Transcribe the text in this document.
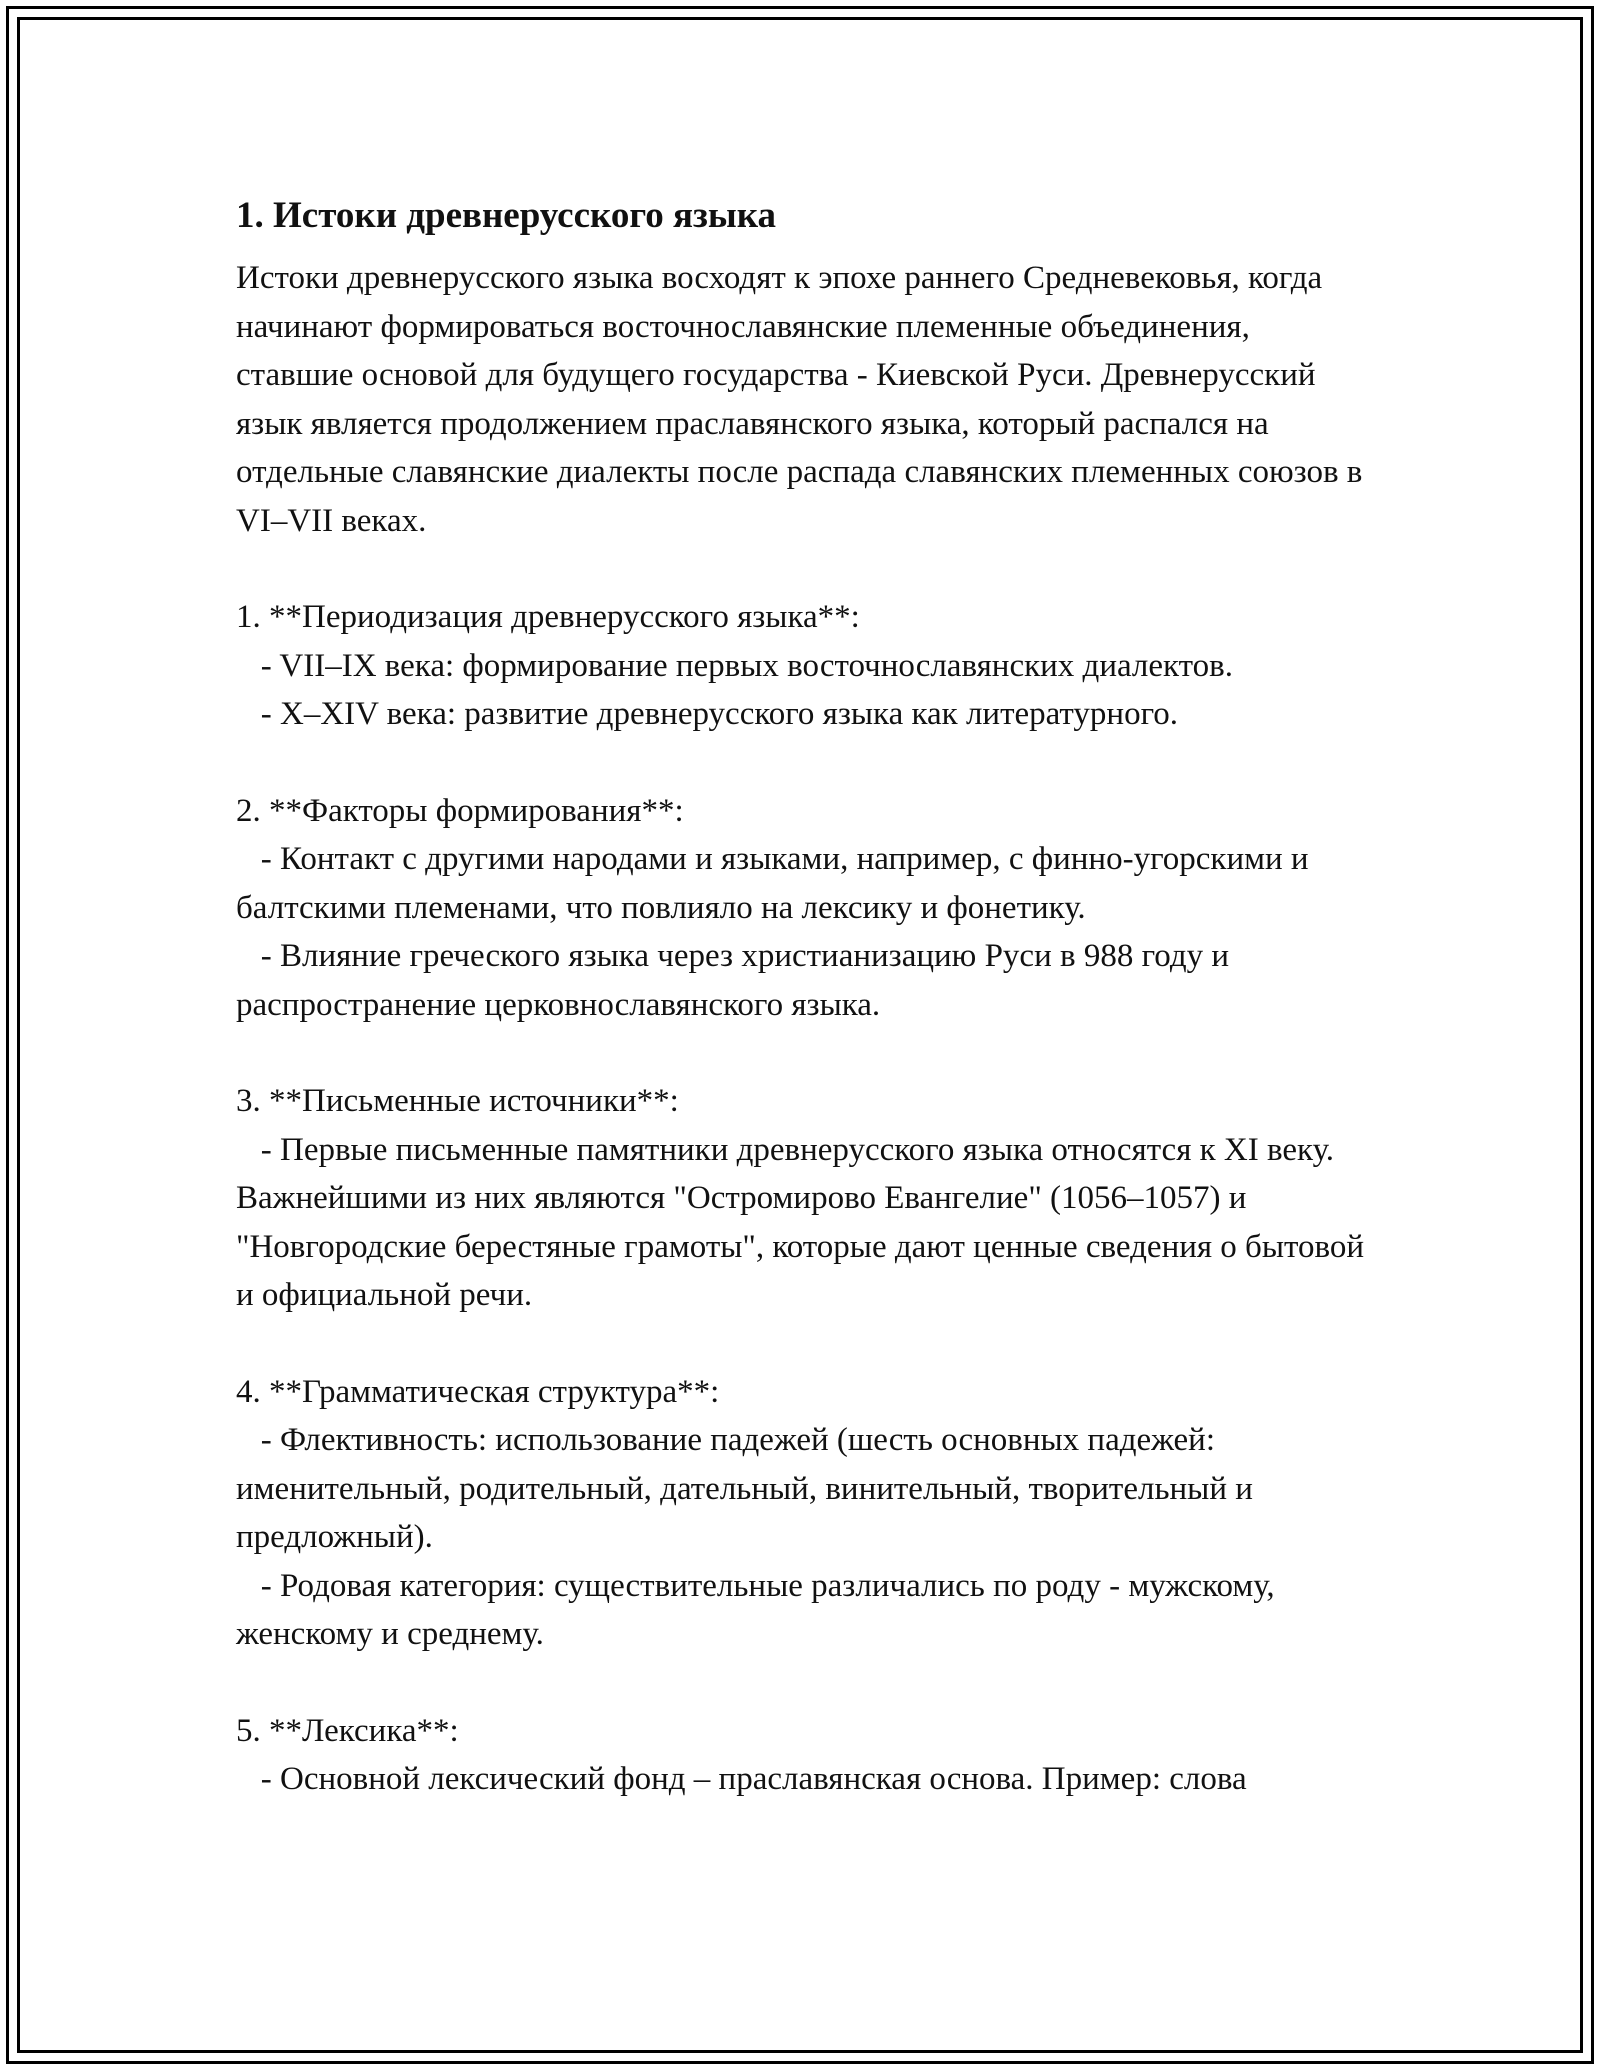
1. Истоки древнерусского языка

Истоки древнерусского языка восходят к эпохе раннего Средневековья, когда начинают формироваться восточнославянские племенные объединения, ставшие основой для будущего государства - Киевской Руси. Древнерусский язык является продолжением праславянского языка, который распался на отдельные славянские диалекты после распада славянских племенных союзов в VI–VII веках.

1. **Периодизация древнерусского языка**:
- VII–IX века: формирование первых восточнославянских диалектов.
- X–XIV века: развитие древнерусского языка как литературного.
2. **Факторы формирования**:
- Контакт с другими народами и языками, например, с финно-угорскими и балтскими племенами, что повлияло на лексику и фонетику.
- Влияние греческого языка через христианизацию Руси в 988 году и распространение церковнославянского языка.
3. **Письменные источники**:
- Первые письменные памятники древнерусского языка относятся к XI веку. Важнейшими из них являются "Остромирово Евангелие" (1056–1057) и "Новгородские берестяные грамоты", которые дают ценные сведения о бытовой и официальной речи.
4. **Грамматическая структура**:
- Флективность: использование падежей (шесть основных падежей: именительный, родительный, дательный, винительный, творительный и предложный).
- Родовая категория: существительные различались по роду - мужскому, женскому и среднему.
5. **Лексика**:
- Основной лексический фонд – праславянская основа. Пример: слова
